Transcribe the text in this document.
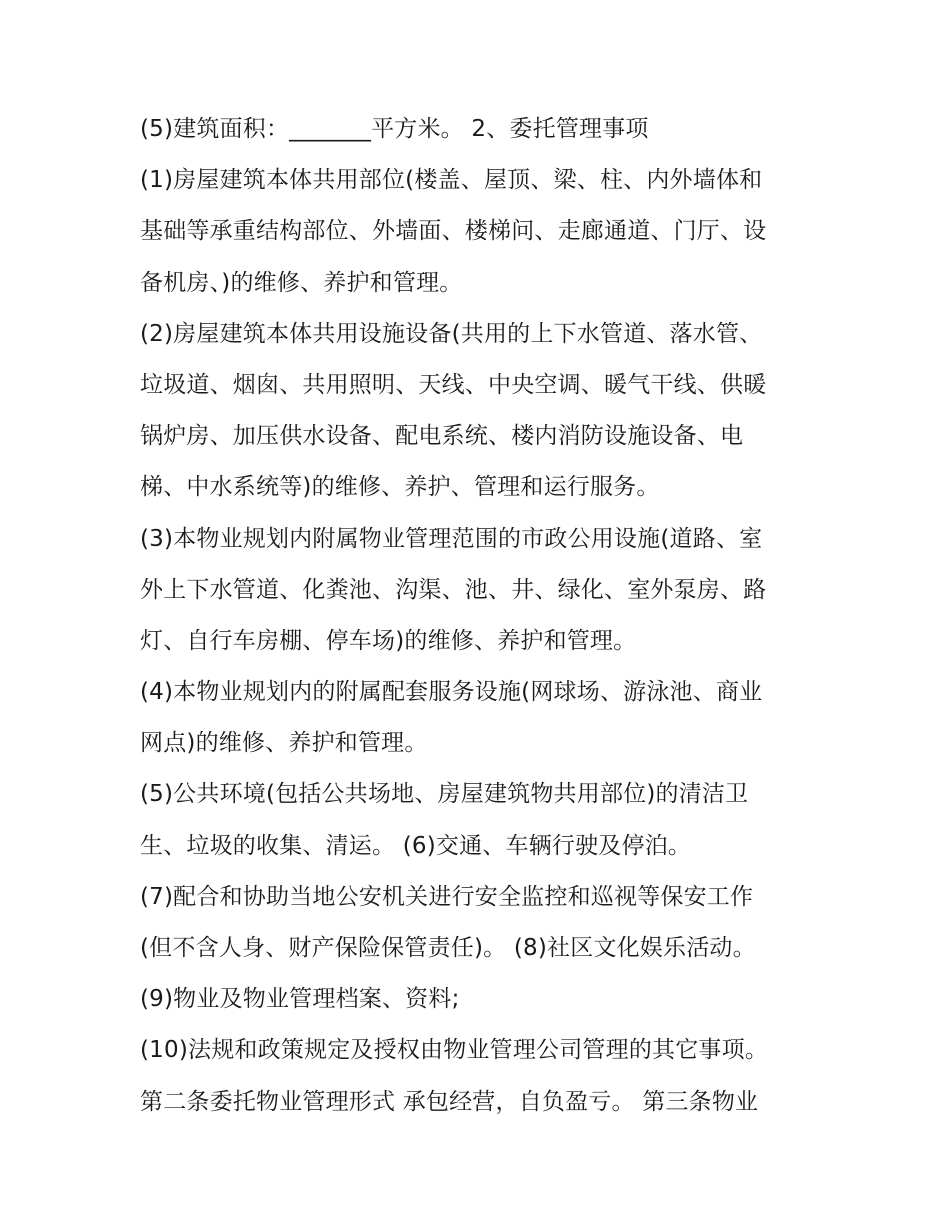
(5)建筑面积：_______平方米。 2、委托管理事项
(1)房屋建筑本体共用部位(楼盖、屋顶、梁、柱、内外墙体和
基础等承重结构部位、外墙面、楼梯问、走廊通道、门厅、设
备机房、)的维修、养护和管理。
(2)房屋建筑本体共用设施设备(共用的上下水管道、落水管、
垃圾道、烟囱、共用照明、天线、中央空调、暖气干线、供暖
锅炉房、加压供水设备、配电系统、楼内消防设施设备、电
梯、中水系统等)的维修、养护、管理和运行服务。
(3)本物业规划内附属物业管理范围的市政公用设施(道路、室
外上下水管道、化粪池、沟渠、池、井、绿化、室外泵房、路
灯、自行车房棚、停车场)的维修、养护和管理。
(4)本物业规划内的附属配套服务设施(网球场、游泳池、商业
网点)的维修、养护和管理。
(5)公共环境(包括公共场地、房屋建筑物共用部位)的清洁卫
生、垃圾的收集、清运。 (6)交通、车辆行驶及停泊。
(7)配合和协助当地公安机关进行安全监控和巡视等保安工作
(但不含人身、财产保险保管责任)。 (8)社区文化娱乐活动。
(9)物业及物业管理档案、资料;
(10)法规和政策规定及授权由物业管理公司管理的其它事项。
第二条委托物业管理形式 承包经营，自负盈亏。 第三条物业
